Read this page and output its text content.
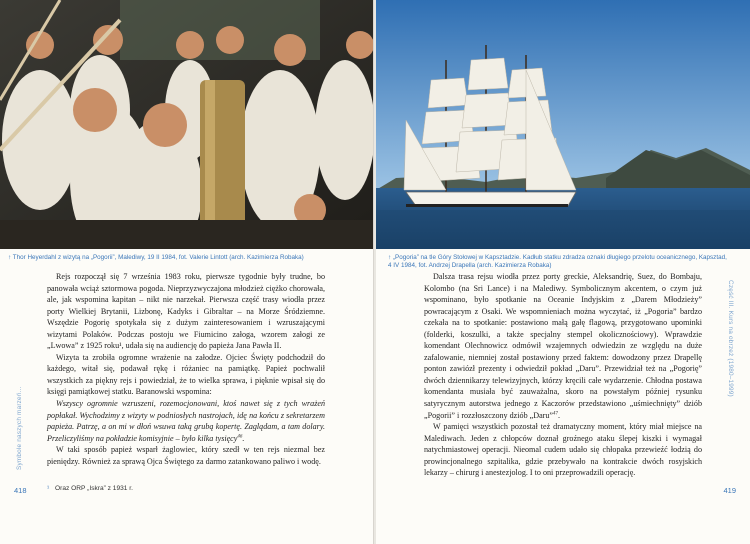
↑ Thor Heyerdahl z wizytą na „Pogorii”, Malediwy, 19 II 1984, fot. Valerie Lintott (arch. Kazimierza Robaka)

Rejs rozpoczął się 7 września 1983 roku, pierwsze tygodnie były trudne, bo panowała wciąż sztormowa pogoda. Nieprzyzwyczajona młodzież ciężko chorowała, ale, jak wspomina kapitan – nikt nie narzekał. Pierwsza część trasy wiodła przez porty Wielkiej Brytanii, Lizbonę, Kadyks i Gibraltar – na Morze Śródziemne. Wszędzie Pogorię spotykała się z dużym zainteresowaniem i wzruszającymi wizytami Polaków. Podczas postoju we Fiumicino załoga, wzorem załogi ze „Lwowa” z 1925 roku¹, udała się na audiencję do papieża Jana Pawła II.

Wizyta ta zrobiła ogromne wrażenie na załodze. Ojciec Święty podchodził do każdego, witał się, podawał rękę i różaniec na pamiątkę. Papież pochwalił wszystkich za piękny rejs i powiedział, że to wielka sprawa, i pięknie wpisał się do księgi pamiątkowej statku. Baranowski wspomina:

Wszyscy ogromnie wzruszeni, rozemocjonowani, ktoś nawet się z tych wrażeń popłakał. Wychodzimy z wizyty w podniosłych nastrojach, idę na końcu z sekretarzem papieża. Patrzę, a on mi w dłoń wsuwa taką grubą kopertę. Zaglądam, a tam dolary. Przeliczyliśmy na pokładzie komisyjnie – było kilka tysięcy$^{46}$.

W taki sposób papież wsparł żaglowiec, który szedł w ten rejs niezmal bez pieniędzy. Również za sprawą Ojca Świętego za darmo zatankowano paliwo i wodę.

¹ Oraz ORP „Iskra” z 1931 r.
418
Symbole naszych marzeń...
↑ „Pogoria” na tle Góry Stołowej w Kapsztadzie. Kadłub statku zdradza oznaki długiego przelotu oceanicznego, Kapsztad, 4 IV 1984, fot. Andrzej Drapella (arch. Kazimierza Robaka)

Dalsza trasa rejsu wiodła przez porty greckie, Aleksandrię, Suez, do Bombaju, Kolombo (na Sri Lance) i na Malediwy. Symbolicznym akcentem, o czym już wspominano, było spotkanie na Oceanie Indyjskim z „Darem Młodzieży” powracającym z Osaki. We wspomnieniach można wyczytać, iż „Pogoria” bardzo czekała na to spotkanie: postawiono małą gałę flagową, przygotowano upominki (folderki, koszulki, a także specjalny stempel okolicznościowy). Wprawdzie komendant Olechnowicz odmówił wzajemnych odwiedzin ze względu na duże zafalowanie, niemniej został postawiony przed faktem: dowodzony przez Drapellę ponton zawiózł prezenty i odwiedził pokład „Daru”. Przewidział też na „Pogorię” dwóch dziennikarzy telewizyjnych, którzy kręcili całe wydarzenie. Chłodna postawa komendanta musiała być zauważalna, skoro na powstałym później rysunku satyrycznym autorstwa jednego z Kaczorów przedstawiono „uśmiechnięty” dziób „Pogorii” i rozzłoszczony dziób „Daru”$^{47}$.

W pamięci wszystkich pozostał też dramatyczny moment, który miał miejsce na Malediwach. Jeden z chłopców doznał groźnego ataku ślepej kiszki i wymagał natychmiastowej operacji. Nieomal cudem udało się chłopaka przewieźć łodzią do prowincjonalnego szpitalika, gdzie przebywało na kontrakcie dwóch rosyjskich lekarzy – chirurg i anestezjolog. I to oni przeprowadzili operację.

419
Część III. Kurs na obrzeż (1980–1999)
